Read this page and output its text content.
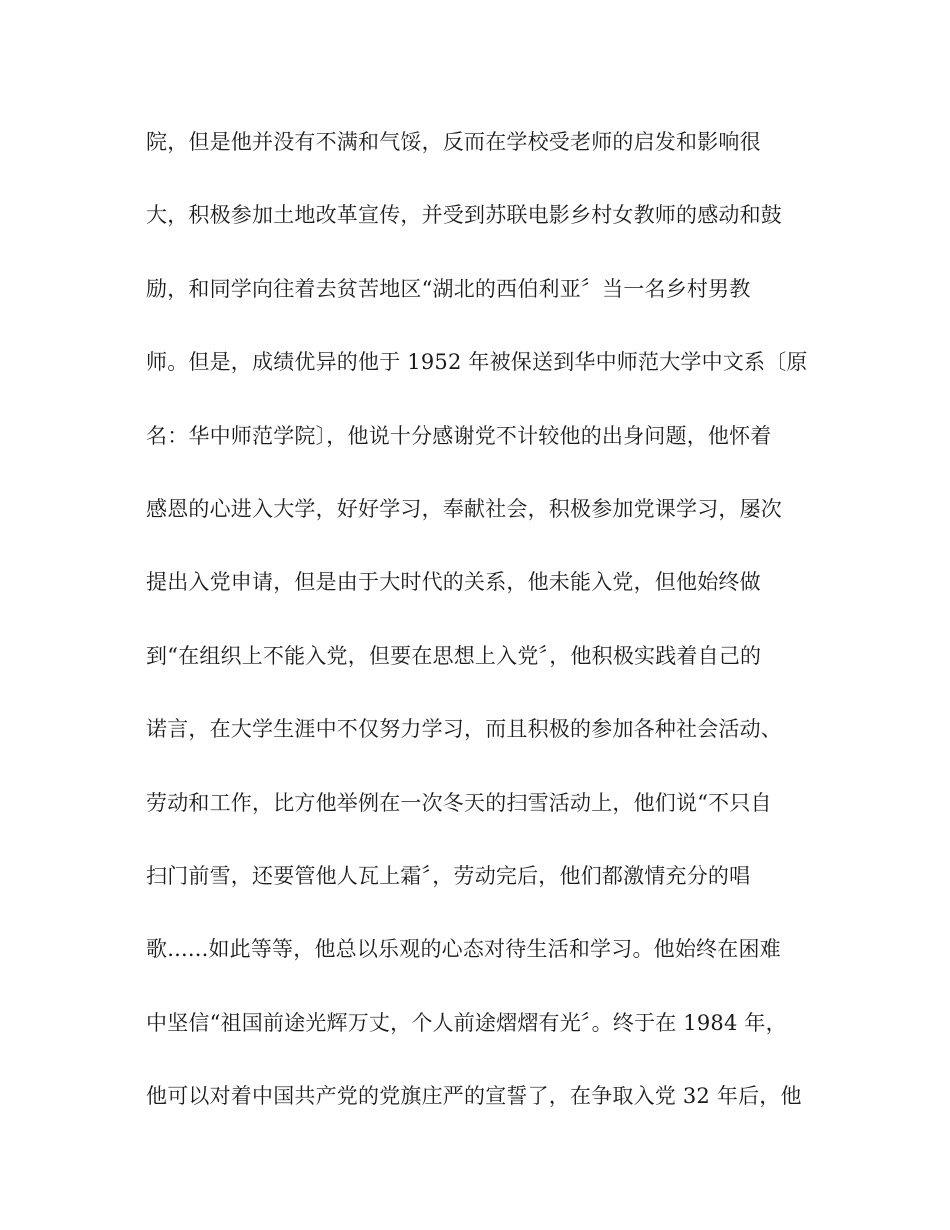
院，但是他并没有不满和气馁，反而在学校受老师的启发和影响很
大，积极参加土地改革宣传，并受到苏联电影乡村女教师的感动和鼓
励，和同学向往着去贫苦地区“湖北的西伯利亚〞当一名乡村男教
师。但是，成绩优异的他于 1952 年被保送到华中师范大学中文系〔原
名：华中师范学院〕，他说十分感谢党不计较他的出身问题，他怀着
感恩的心进入大学，好好学习，奉献社会，积极参加党课学习，屡次
提出入党申请，但是由于大时代的关系，他未能入党，但他始终做
到“在组织上不能入党，但要在思想上入党〞，他积极实践着自己的
诺言，在大学生涯中不仅努力学习，而且积极的参加各种社会活动、
劳动和工作，比方他举例在一次冬天的扫雪活动上，他们说“不只自
扫门前雪，还要管他人瓦上霜〞，劳动完后，他们都激情充分的唱
歌......如此等等，他总以乐观的心态对待生活和学习。他始终在困难
中坚信“祖国前途光辉万丈，个人前途熠熠有光〞。终于在 1984 年，
他可以对着中国共产党的党旗庄严的宣誓了，在争取入党 32 年后，他
